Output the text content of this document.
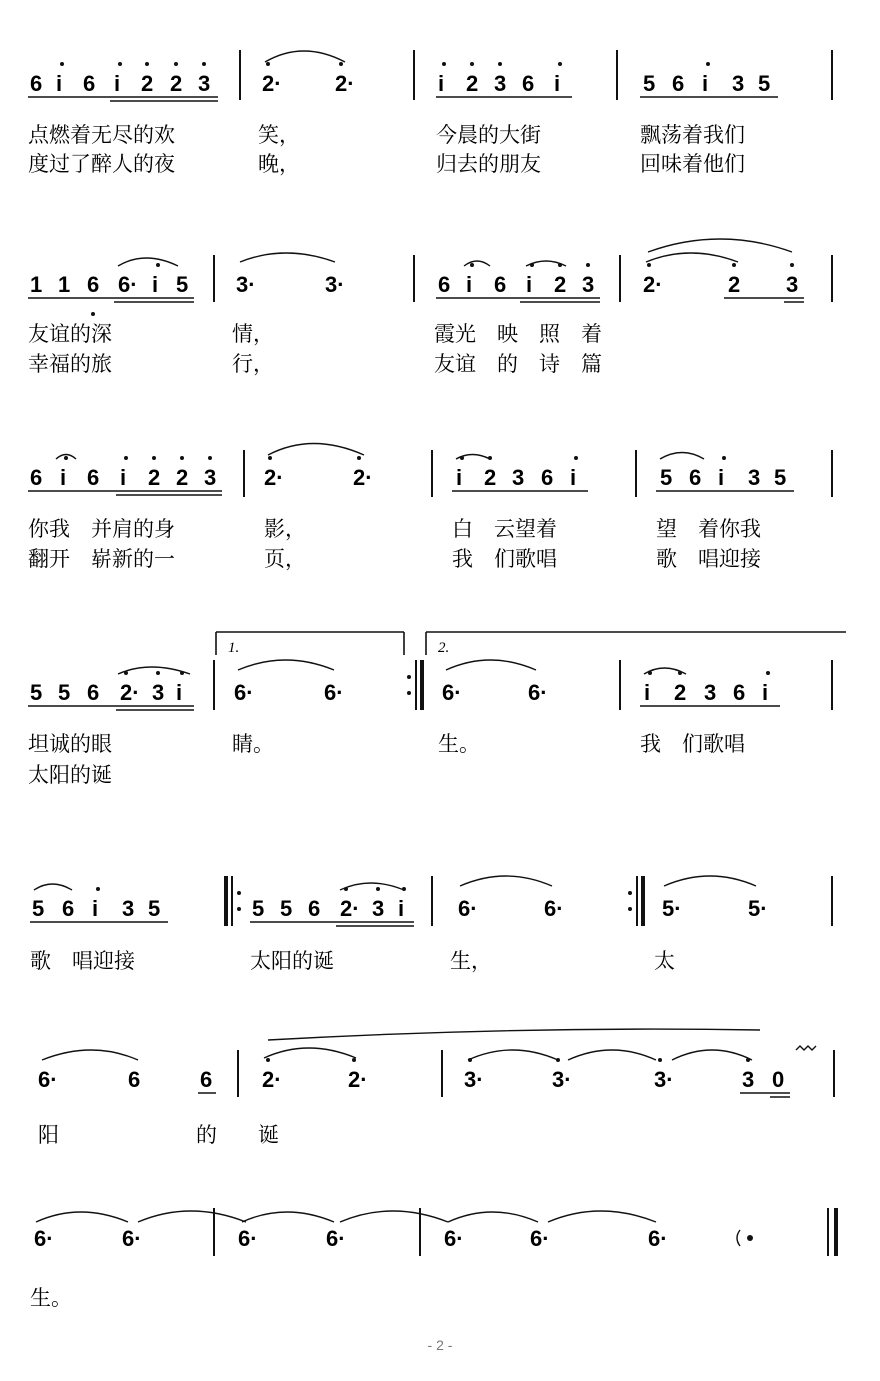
6 i 6 i 2 2 3 2· 2·	i 2 3 6 i	5 6 i 3 5
点燃着无尽的欢	笑，	今晨的大街	飘荡着我们
度过了醉人的夜	晚，	归去的朋友	回味着他们
1 1 6 6· i 5 3·	3·	6 i 6 i 2 3 2·	2 3
友谊的深	情，	霞光　映　照　着
幸福的旅	行，	友谊　的　诗　篇
6 i 6 i 2 2 3 2·	2·	i 2 3 6 i	5 6 i 3 5
你我　并肩的身	影，	白　云望着	望　着你我
翻开　崭新的一	页，	我　们歌唱	歌　唱迎接
1.	2.
5 5 6 2· 3 i 6·	6·	6·	6·	i 2 3 6 i
坦诚的眼	睛。	生。	我　们歌唱
太阳的诞
5 6 i 3 5	5 5 6 2· 3 i 6·	6·	5·	5·
歌　唱迎接	太阳的诞	生，	太
6·	6	6 2·	2·	3·	3·	3·	3 0
阳	的 诞
6·	6·	6·	6·	6·	6·	6·
生。
- 2 -
